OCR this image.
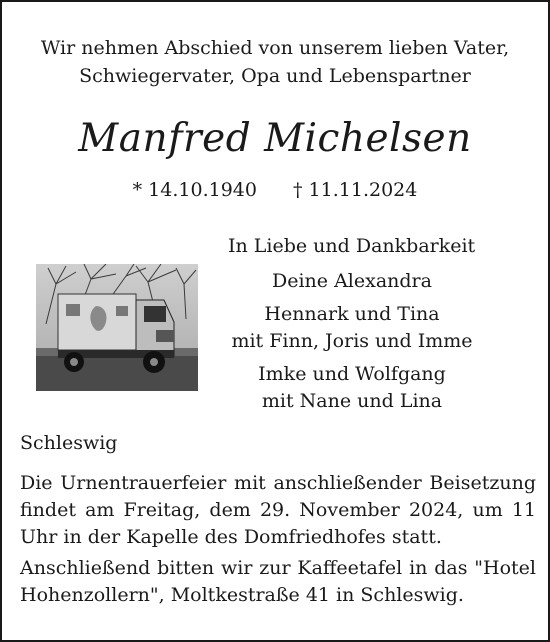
Wir nehmen Abschied von unserem lieben Vater,
Schwiegervater, Opa und Lebenspartner
Manfred Michelsen
* 14.10.1940 † 11.11.2024
In Liebe und Dankbarkeit
Deine Alexandra
Hennark und Tina
mit Finn, Joris und Imme
Imke und Wolfgang
mit Nane und Lina
Schleswig

Die Urnentrauerfeier mit anschließender Beisetzung findet am Freitag, dem 29. November 2024, um 11 Uhr in der Kapelle des Domfriedhofes statt.

Anschließend bitten wir zur Kaffeetafel in das "Hotel Hohenzollern", Moltkestraße 41 in Schleswig.
